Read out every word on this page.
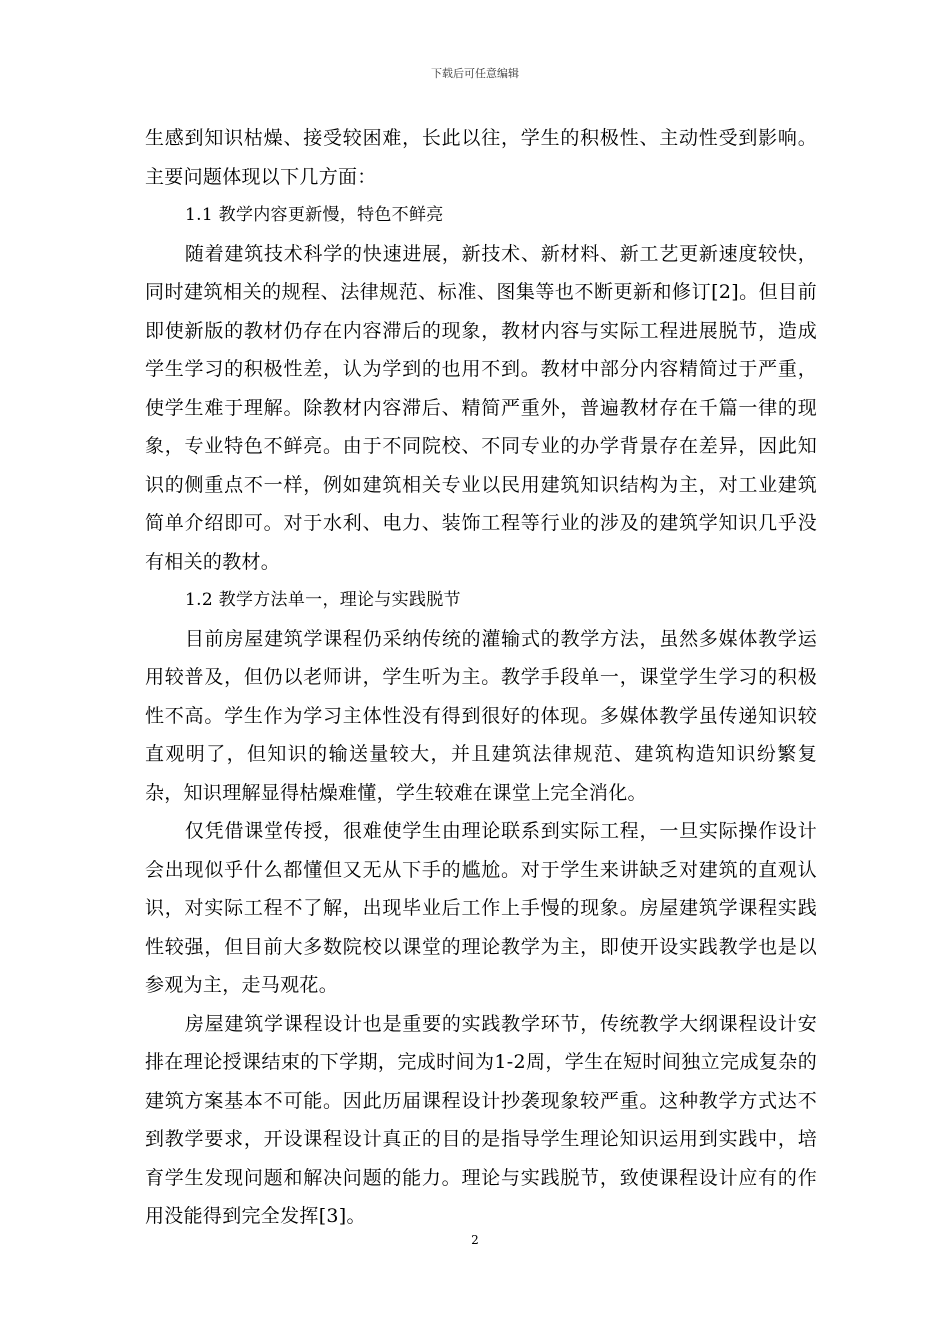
下载后可任意编辑

生感到知识枯燥、接受较困难，长此以往，学生的积极性、主动性受到影响。主要问题体现以下几方面：

1.1 教学内容更新慢，特色不鲜亮

随着建筑技术科学的快速进展，新技术、新材料、新工艺更新速度较快，同时建筑相关的规程、法律规范、标准、图集等也不断更新和修订[2]。但目前即使新版的教材仍存在内容滞后的现象，教材内容与实际工程进展脱节，造成学生学习的积极性差，认为学到的也用不到。教材中部分内容精简过于严重，使学生难于理解。除教材内容滞后、精简严重外，普遍教材存在千篇一律的现象，专业特色不鲜亮。由于不同院校、不同专业的办学背景存在差异，因此知识的侧重点不一样，例如建筑相关专业以民用建筑知识结构为主，对工业建筑简单介绍即可。对于水利、电力、装饰工程等行业的涉及的建筑学知识几乎没有相关的教材。

1.2 教学方法单一，理论与实践脱节

目前房屋建筑学课程仍采纳传统的灌输式的教学方法，虽然多媒体教学运用较普及，但仍以老师讲，学生听为主。教学手段单一，课堂学生学习的积极性不高。学生作为学习主体性没有得到很好的体现。多媒体教学虽传递知识较直观明了，但知识的输送量较大，并且建筑法律规范、建筑构造知识纷繁复杂，知识理解显得枯燥难懂，学生较难在课堂上完全消化。

仅凭借课堂传授，很难使学生由理论联系到实际工程，一旦实际操作设计会出现似乎什么都懂但又无从下手的尴尬。对于学生来讲缺乏对建筑的直观认识，对实际工程不了解，出现毕业后工作上手慢的现象。房屋建筑学课程实践性较强，但目前大多数院校以课堂的理论教学为主，即使开设实践教学也是以参观为主，走马观花。

房屋建筑学课程设计也是重要的实践教学环节，传统教学大纲课程设计安排在理论授课结束的下学期，完成时间为1-2周，学生在短时间独立完成复杂的建筑方案基本不可能。因此历届课程设计抄袭现象较严重。这种教学方式达不到教学要求，开设课程设计真正的目的是指导学生理论知识运用到实践中，培育学生发现问题和解决问题的能力。理论与实践脱节，致使课程设计应有的作用没能得到完全发挥[3]。

2
